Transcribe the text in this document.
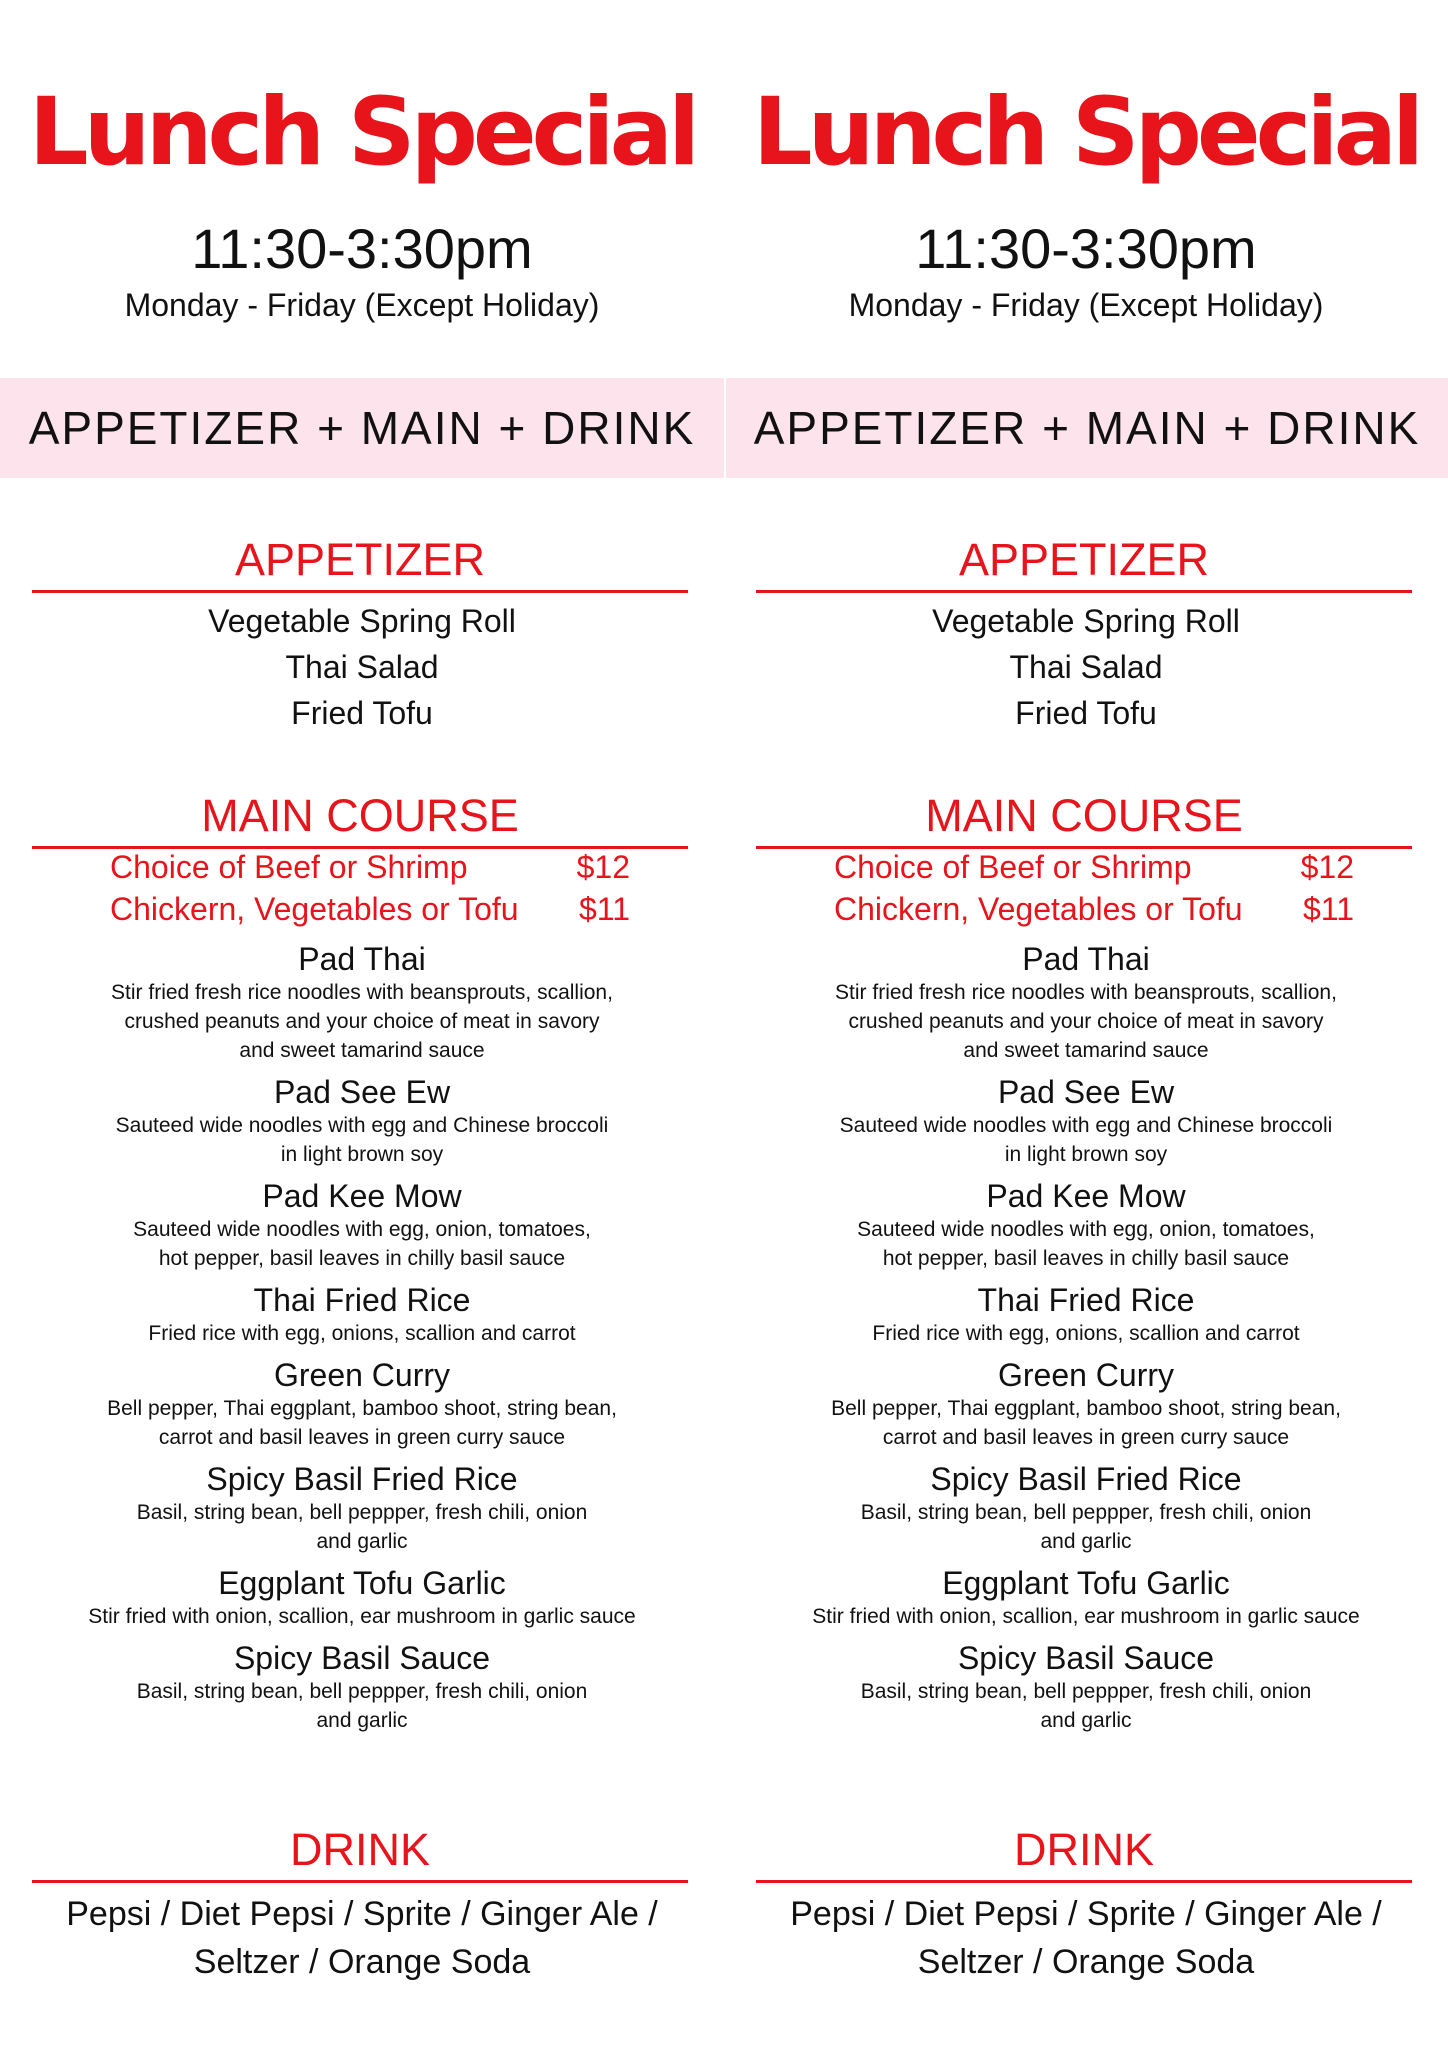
Lunch Special
11:30-3:30pm
Monday - Friday (Except Holiday)
APPETIZER + MAIN + DRINK
APPETIZER
Vegetable Spring Roll
Thai Salad
Fried Tofu
MAIN COURSE
Choice of Beef or Shrimp	$12
Chickern, Vegetables or Tofu $11
Pad Thai
Stir fried fresh rice noodles with beansprouts, scallion,
crushed peanuts and your choice of meat in savory
and sweet tamarind sauce
Pad See Ew
Sauteed wide noodles with egg and Chinese broccoli
in light brown soy
Pad Kee Mow
Sauteed wide noodles with egg, onion, tomatoes,
hot pepper, basil leaves in chilly basil sauce
Thai Fried Rice
Fried rice with egg, onions, scallion and carrot
Green Curry
Bell pepper, Thai eggplant, bamboo shoot, string bean,
carrot and basil leaves in green curry sauce
Spicy Basil Fried Rice
Basil, string bean, bell peppper, fresh chili, onion
and garlic
Eggplant Tofu Garlic
Stir fried with onion, scallion, ear mushroom in garlic sauce
Spicy Basil Sauce
Basil, string bean, bell peppper, fresh chili, onion
and garlic
DRINK
Pepsi / Diet Pepsi / Sprite / Ginger Ale /
Seltzer / Orange Soda
Lunch Special
11:30-3:30pm
Monday - Friday (Except Holiday)
APPETIZER + MAIN + DRINK
APPETIZER
Vegetable Spring Roll
Thai Salad
Fried Tofu
MAIN COURSE
Choice of Beef or Shrimp	$12
Chickern, Vegetables or Tofu $11
Pad Thai
Stir fried fresh rice noodles with beansprouts, scallion,
crushed peanuts and your choice of meat in savory
and sweet tamarind sauce
Pad See Ew
Sauteed wide noodles with egg and Chinese broccoli
in light brown soy
Pad Kee Mow
Sauteed wide noodles with egg, onion, tomatoes,
hot pepper, basil leaves in chilly basil sauce
Thai Fried Rice
Fried rice with egg, onions, scallion and carrot
Green Curry
Bell pepper, Thai eggplant, bamboo shoot, string bean,
carrot and basil leaves in green curry sauce
Spicy Basil Fried Rice
Basil, string bean, bell peppper, fresh chili, onion
and garlic
Eggplant Tofu Garlic
Stir fried with onion, scallion, ear mushroom in garlic sauce
Spicy Basil Sauce
Basil, string bean, bell peppper, fresh chili, onion
and garlic
DRINK
Pepsi / Diet Pepsi / Sprite / Ginger Ale /
Seltzer / Orange Soda
